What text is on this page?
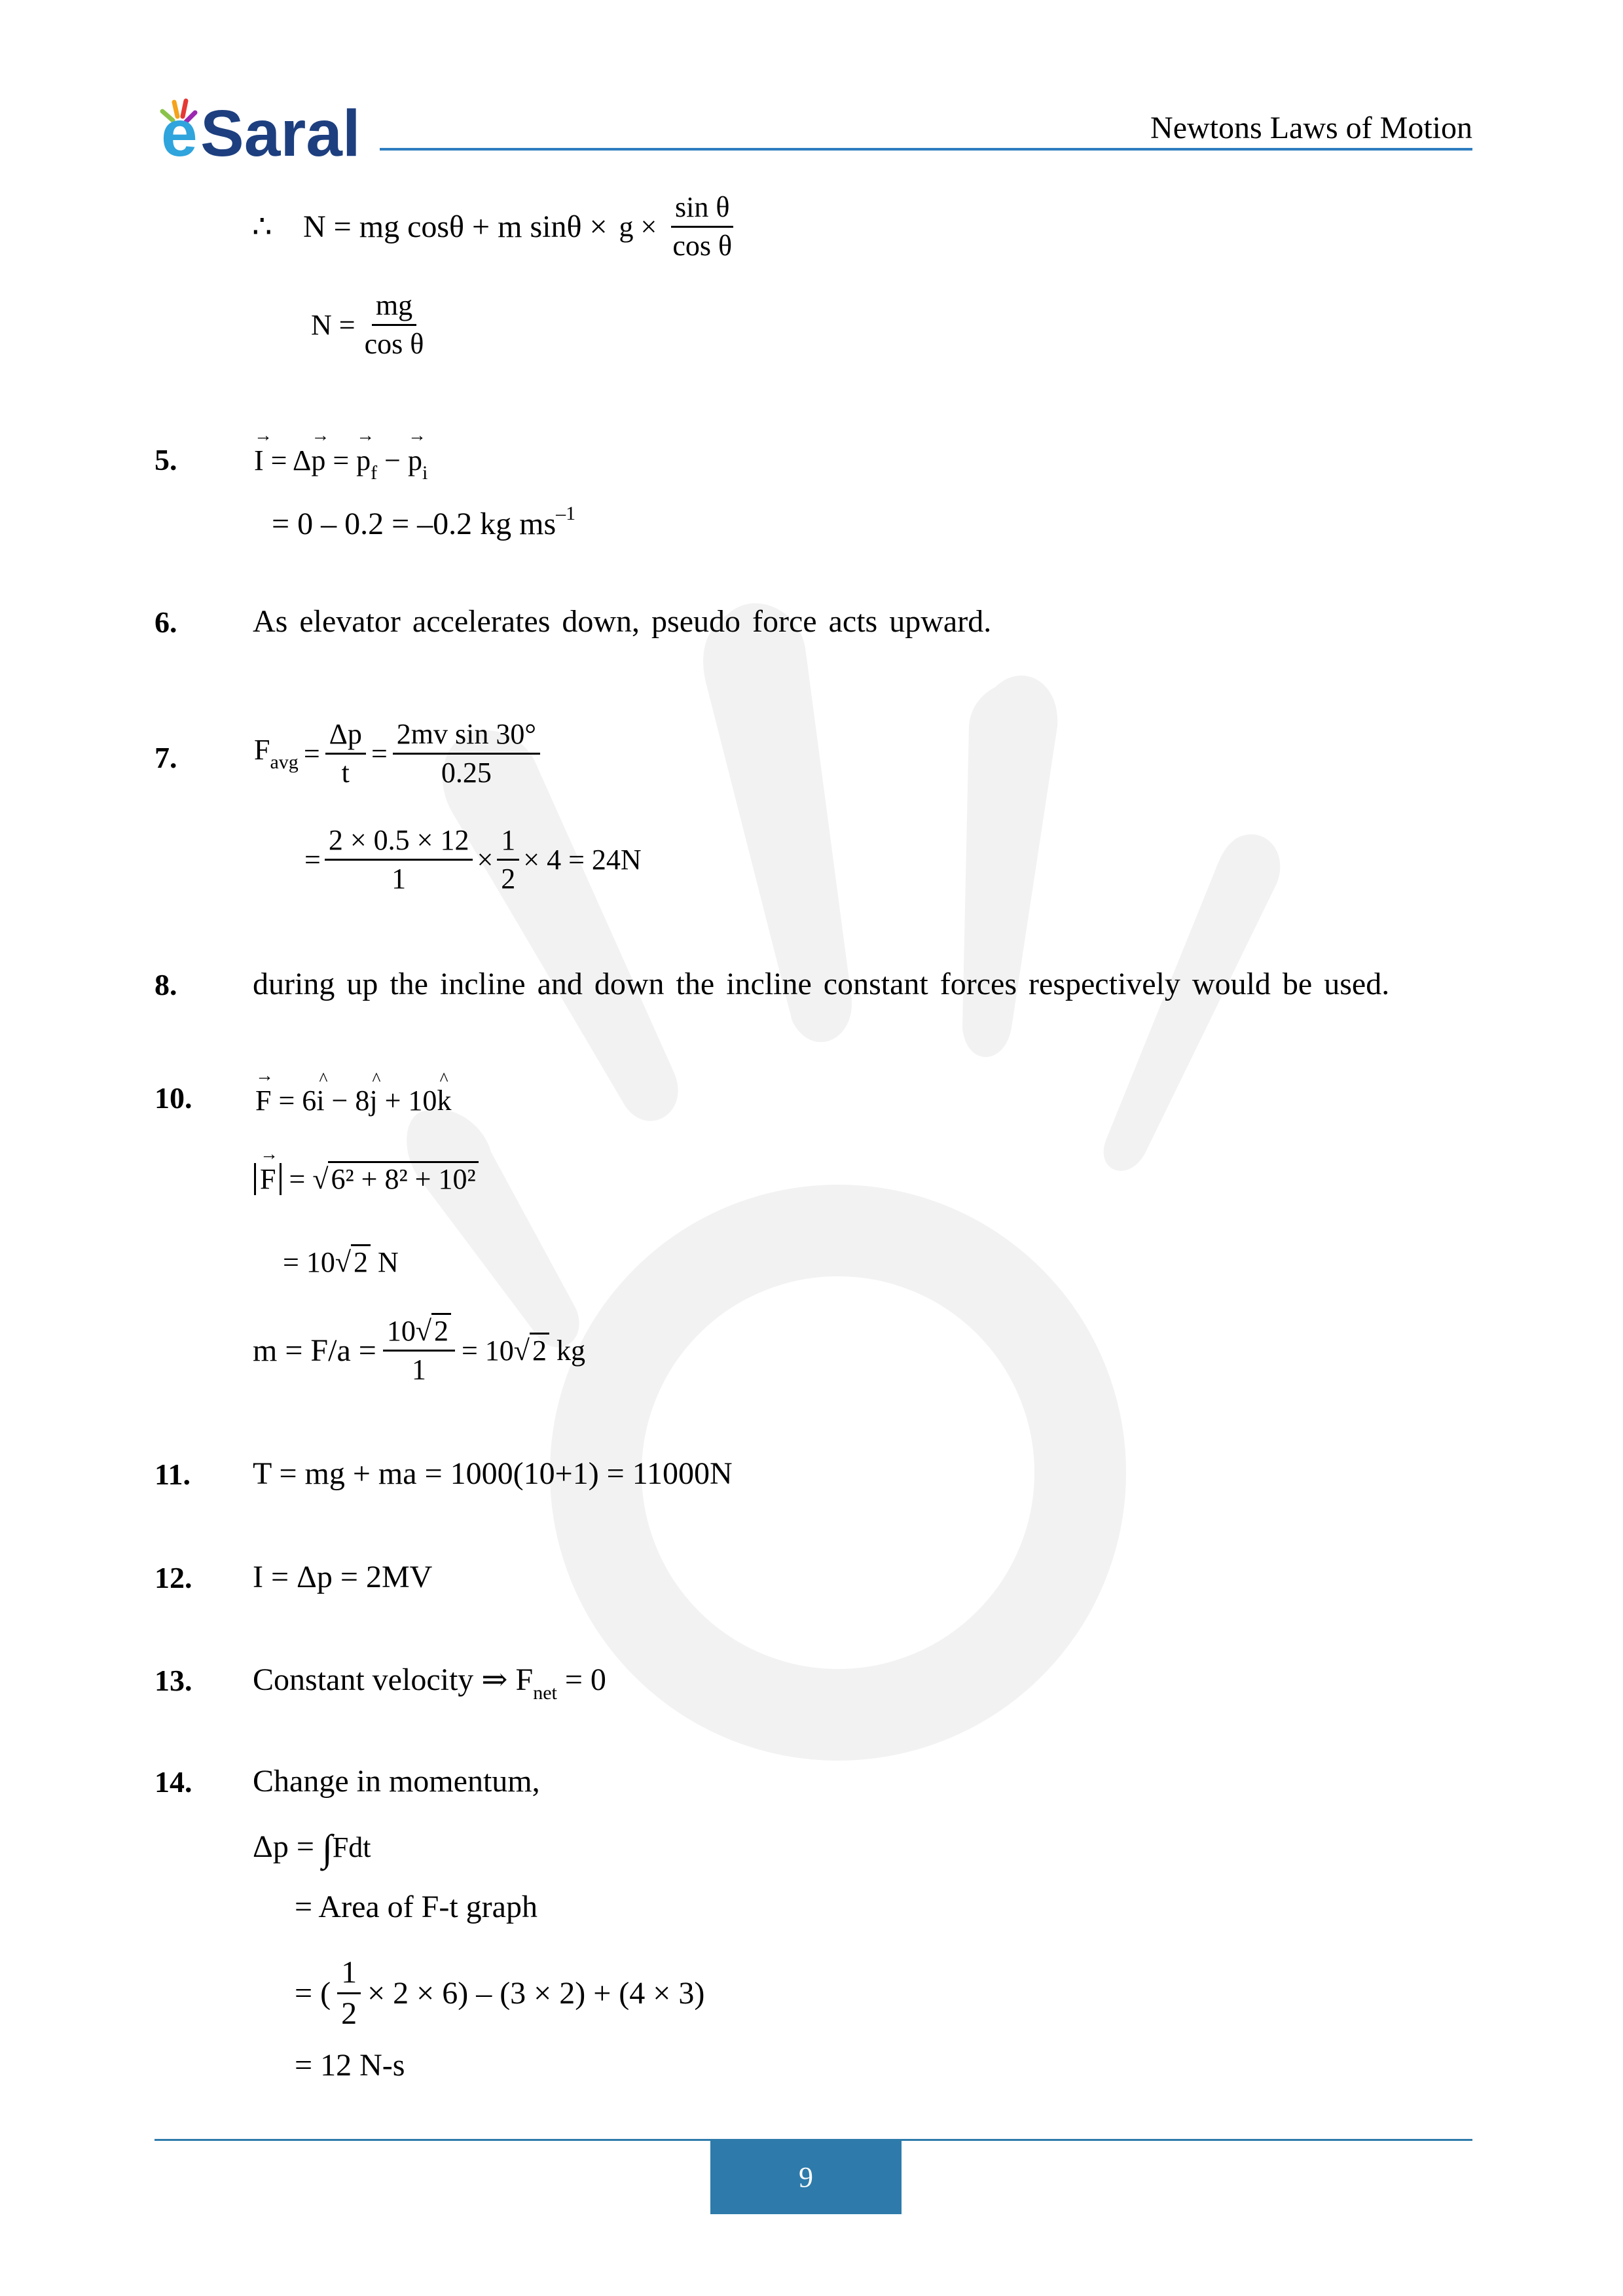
e Saral	Newtons Laws of Motion
∴ N = mg cosθ + m $\sin\theta \times g \times \frac{\text{sin θ}}{\text{cos θ}}$
$N = \frac{mg}{\text{cos θ}}$
5.	→ I = Δ→ p = → $p_f$ − → $p_i$
= 0 – 0.2 = –0.2 kg $ms^{-1}$
6. As elevator accelerates down, pseudo force acts upward.
7.	$F_{avg} = \frac{\Delta p}{t} = \frac{\text{2mv sin 30°}}{0.25}$
= $\frac{2 \times 0.5 \times 12}{1} \times \frac{1}{2} \times 4 = 24N$
8. during up the incline and down the incline constant forces respectively would be used.
10. → F = 6^ i − 8^ j + 10^ k
→ F = √6² + 8² + 10²
= 10√2 N
$m = F/a = \frac{10√2}{1} = 10√2$ kg
11. T = mg + ma = 1000(10+1) = 11000N
12. I = Δp = 2MV
13. Constant velocity ⇒ $F_{net} = 0$
14. Change in momentum,
Δp = ∫Fdt
= Area of F-t graph
= ( $\frac{1}{2} \times 2 \times 6) - (3 \times 2) + (4 \times 3)$
= 12 N-s
9
